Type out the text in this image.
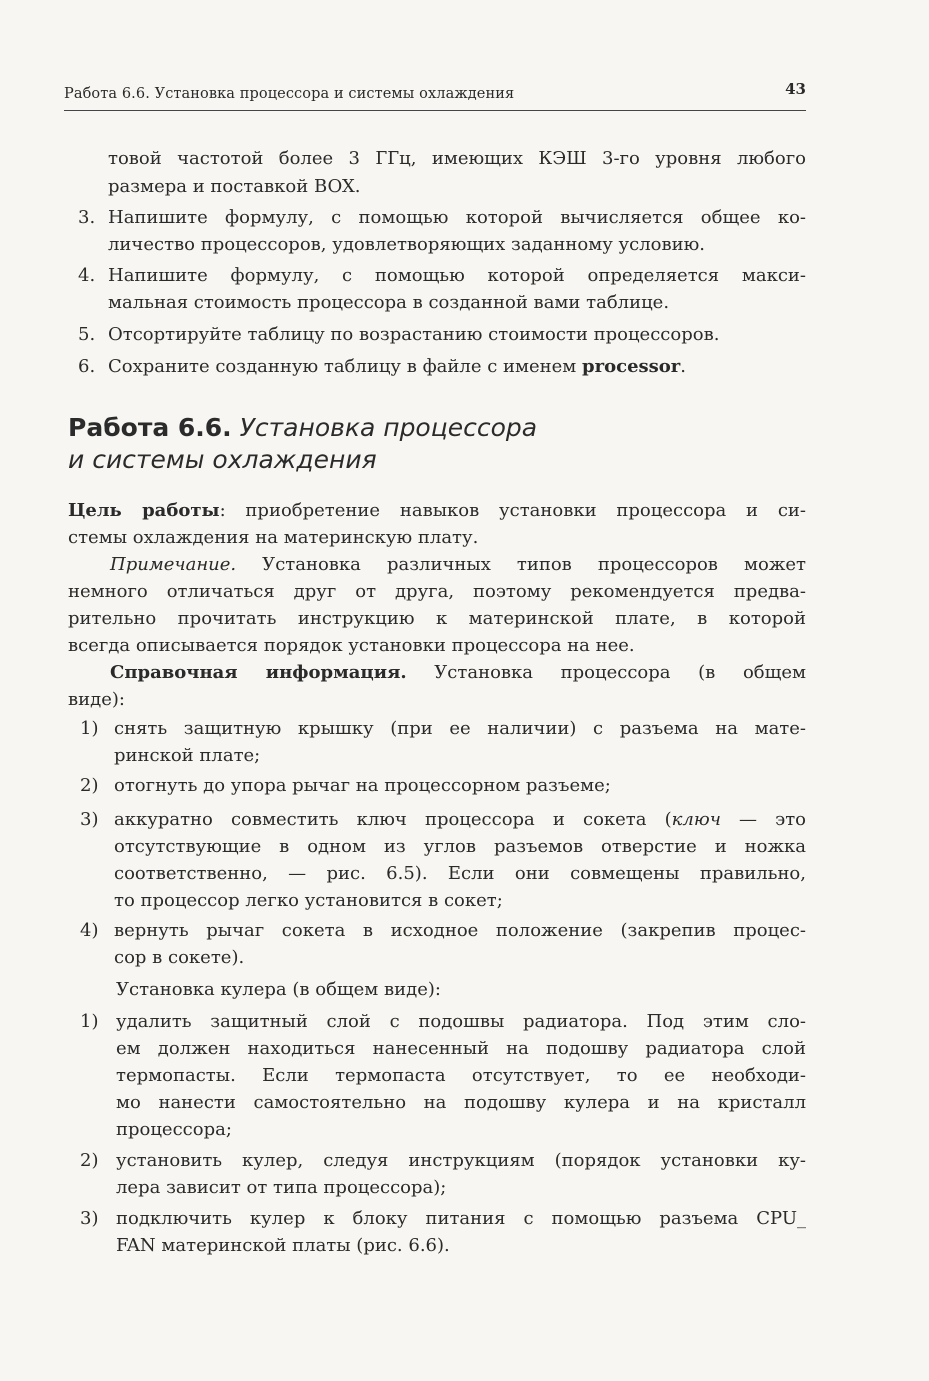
Работа 6.6. Установка процессора и системы охлаждения	43
товой частотой более 3 ГГц, имеющих КЭШ 3-го уровня любого
размера и поставкой BOX.
3. Напишите формулу, с помощью которой вычисляется общее ко-
личество процессоров, удовлетворяющих заданному условию.
4. Напишите формулу, с помощью которой определяется макси-
мальная стоимость процессора в созданной вами таблице.
5. Отсортируйте таблицу по возрастанию стоимости процессоров.
6. Сохраните созданную таблицу в файле с именем processor.
Работа 6.6. Установка процессора
и системы охлаждения
Цель работы: приобретение навыков установки процессора и си-
стемы охлаждения на материнскую плату.
Примечание. Установка различных типов процессоров может
немного отличаться друг от друга, поэтому рекомендуется предва-
рительно прочитать инструкцию к материнской плате, в которой
всегда описывается порядок установки процессора на нее.
Справочная информация. Установка процессора (в общем
виде):
1) снять защитную крышку (при ее наличии) с разъема на мате-
ринской плате;
2) отогнуть до упора рычаг на процессорном разъеме;
3) аккуратно совместить ключ процессора и сокета (ключ — это
отсутствующие в одном из углов разъемов отверстие и ножка
соответственно, — рис. 6.5). Если они совмещены правильно,
то процессор легко установится в сокет;
4) вернуть рычаг сокета в исходное положение (закрепив процес-
сор в сокете).
Установка кулера (в общем виде):
1) удалить защитный слой с подошвы радиатора. Под этим сло-
ем должен находиться нанесенный на подошву радиатора слой
термопасты. Если термопаста отсутствует, то ее необходи-
мо нанести самостоятельно на подошву кулера и на кристалл
процессора;
2) установить кулер, следуя инструкциям (порядок установки ку-
лера зависит от типа процессора);
3) подключить кулер к блоку питания с помощью разъема CPU_
FAN материнской платы (рис. 6.6).
